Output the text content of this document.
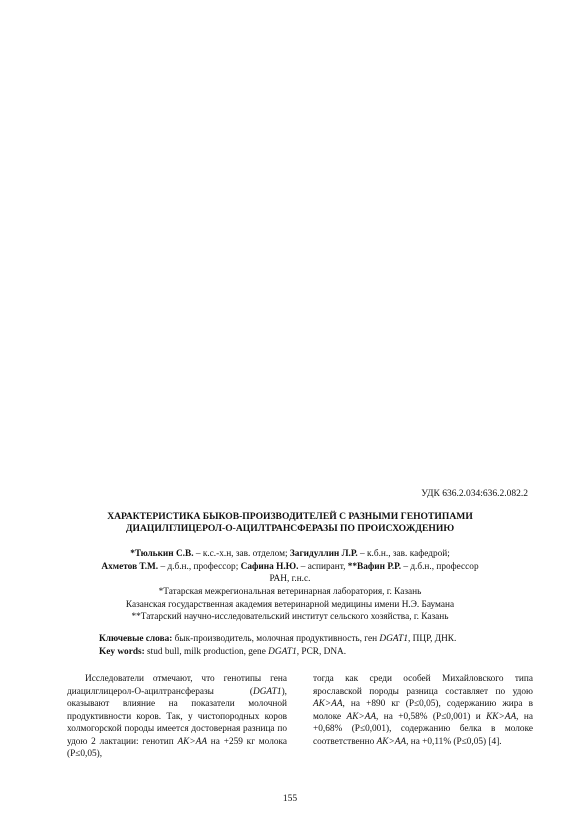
УДК 636.2.034:636.2.082.2
ХАРАКТЕРИСТИКА БЫКОВ-ПРОИЗВОДИТЕЛЕЙ С РАЗНЫМИ ГЕНОТИПАМИ
ДИАЦИЛГЛИЦЕРОЛ-О-АЦИЛТРАНСФЕРАЗЫ ПО ПРОИСХОЖДЕНИЮ
*Тюлькин С.В. – к.с.-х.н, зав. отделом; Загидуллин Л.Р. – к.б.н., зав. кафедрой;
Ахметов Т.М. – д.б.н., профессор; Сафина Н.Ю. – аспирант, **Вафин Р.Р. – д.б.н., профессор
РАН, г.н.с.
*Татарская межрегиональная ветеринарная лаборатория, г. Казань
Казанская государственная академия ветеринарной медицины имени Н.Э. Баумана
**Татарский научно-исследовательский институт сельского хозяйства, г. Казань
Ключевые слова: бык-производитель, молочная продуктивность, ген DGAT1, ПЦР, ДНК.
Key words: stud bull, milk production, gene DGAT1, PCR, DNA.
Исследователи отмечают, что генотипы гена диацилглицерол-О-ацилтрансферазы (DGAT1), оказывают влияние на показатели молочной продуктивности коров. Так, у чистопородных коров холмогорской породы имеется достоверная разница по удою 2 лактации: генотип AK>AA на +259 кг молока (P≤0,05),
тогда как среди особей Михайловского типа ярославской породы разница составляет по удою AK>AA, на +890 кг (P≤0,05), содержанию жира в молоке AK>AA, на +0,58% (P≤0,001) и KK>AA, на +0,68% (P≤0,001), содержанию белка в молоке соответственно AK>AA, на +0,11% (P≤0,05) [4].
155
